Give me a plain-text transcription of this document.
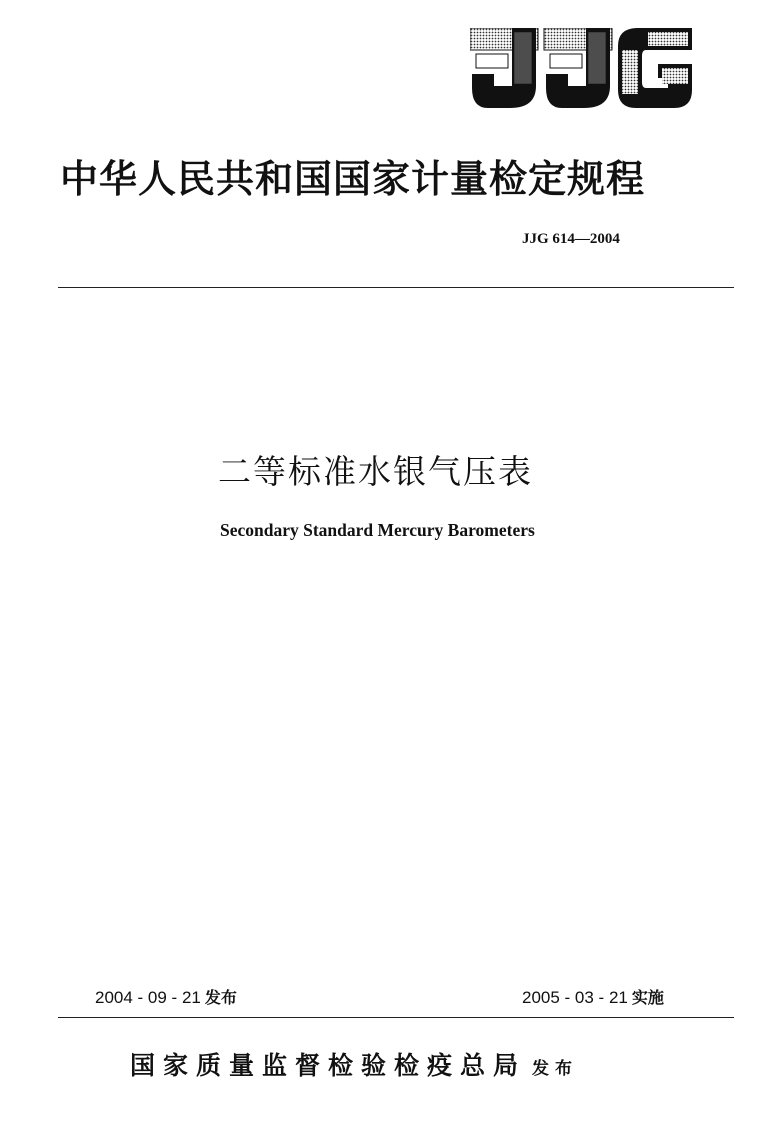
中华人民共和国国家计量检定规程
JJG 614—2004
二等标准水银气压表
Secondary Standard Mercury Barometers
2004 - 09 - 21 发布	2005 - 03 - 21 实施
国家质量监督检验检疫总局 发布
